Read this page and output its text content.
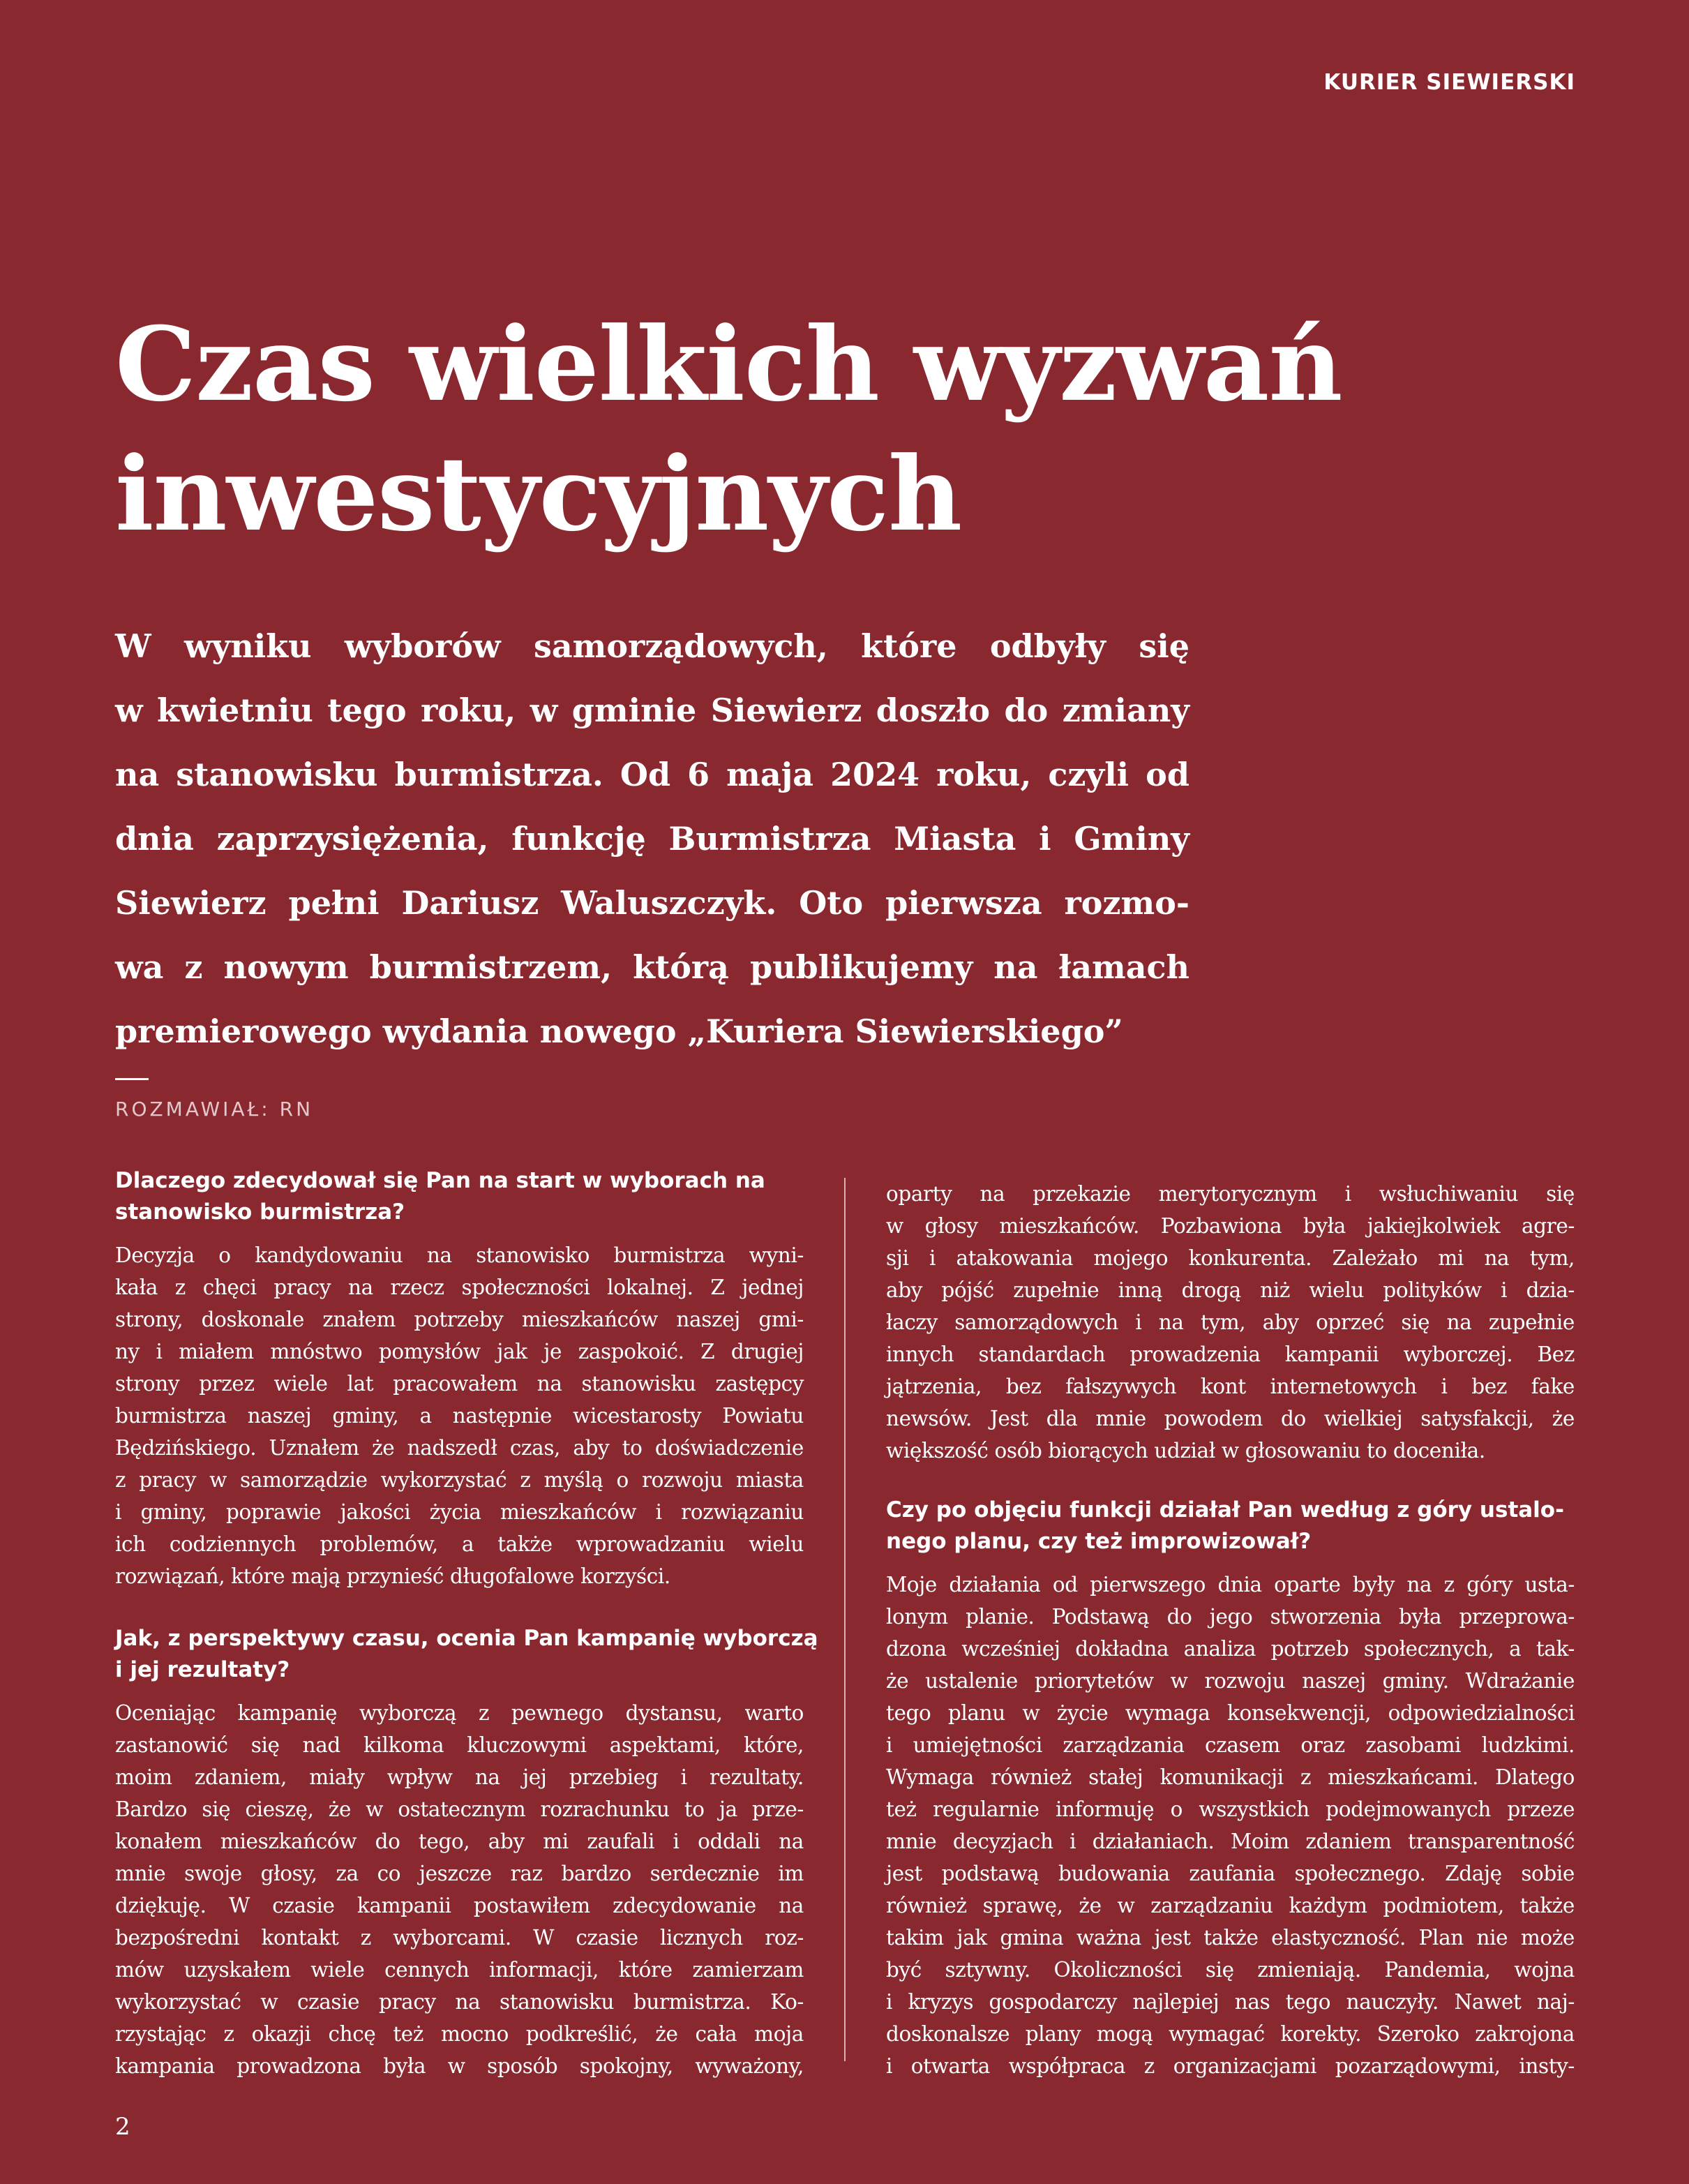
KURIER SIEWIERSKI
Czas wielkich wyzwań
inwestycyjnych

W wyniku wyborów samorządowych, które odbyły się
w kwietniu tego roku, w gminie Siewierz doszło do zmiany
na stanowisku burmistrza. Od 6 maja 2024 roku, czyli od
dnia zaprzysiężenia, funkcję Burmistrza Miasta i Gminy
Siewierz pełni Dariusz Waluszczyk. Oto pierwsza rozmo-
wa z nowym burmistrzem, którą publikujemy na łamach
premierowego wydania nowego „Kuriera Siewierskiego”

ROZMAWIAŁ: RN

Dlaczego zdecydował się Pan na start w wyborach na
stanowisko burmistrza?

Decyzja o kandydowaniu na stanowisko burmistrza wyni-
kała z chęci pracy na rzecz społeczności lokalnej. Z jednej
strony, doskonale znałem potrzeby mieszkańców naszej gmi-
ny i miałem mnóstwo pomysłów jak je zaspokoić. Z drugiej
strony przez wiele lat pracowałem na stanowisku zastępcy
burmistrza naszej gminy, a następnie wicestarosty Powiatu
Będzińskiego. Uznałem że nadszedł czas, aby to doświadczenie
z pracy w samorządzie wykorzystać z myślą o rozwoju miasta
i gminy, poprawie jakości życia mieszkańców i rozwiązaniu
ich codziennych problemów, a także wprowadzaniu wielu
rozwiązań, które mają przynieść długofalowe korzyści.

Jak, z perspektywy czasu, ocenia Pan kampanię wyborczą
i jej rezultaty?

Oceniając kampanię wyborczą z pewnego dystansu, warto
zastanowić się nad kilkoma kluczowymi aspektami, które,
moim zdaniem, miały wpływ na jej przebieg i rezultaty.
Bardzo się cieszę, że w ostatecznym rozrachunku to ja prze-
konałem mieszkańców do tego, aby mi zaufali i oddali na
mnie swoje głosy, za co jeszcze raz bardzo serdecznie im
dziękuję. W czasie kampanii postawiłem zdecydowanie na
bezpośredni kontakt z wyborcami. W czasie licznych roz-
mów uzyskałem wiele cennych informacji, które zamierzam
wykorzystać w czasie pracy na stanowisku burmistrza. Ko-
rzystając z okazji chcę też mocno podkreślić, że cała moja
kampania prowadzona była w sposób spokojny, wyważony,

oparty na przekazie merytorycznym i wsłuchiwaniu się
w głosy mieszkańców. Pozbawiona była jakiejkolwiek agre-
sji i atakowania mojego konkurenta. Zależało mi na tym,
aby pójść zupełnie inną drogą niż wielu polityków i dzia-
łaczy samorządowych i na tym, aby oprzeć się na zupełnie
innych standardach prowadzenia kampanii wyborczej. Bez
jątrzenia, bez fałszywych kont internetowych i bez fake
newsów. Jest dla mnie powodem do wielkiej satysfakcji, że
większość osób biorących udział w głosowaniu to doceniła.

Czy po objęciu funkcji działał Pan według z góry ustalo-
nego planu, czy też improwizował?

Moje działania od pierwszego dnia oparte były na z góry usta-
lonym planie. Podstawą do jego stworzenia była przeprowa-
dzona wcześniej dokładna analiza potrzeb społecznych, a tak-
że ustalenie priorytetów w rozwoju naszej gminy. Wdrażanie
tego planu w życie wymaga konsekwencji, odpowiedzialności
i umiejętności zarządzania czasem oraz zasobami ludzkimi.
Wymaga również stałej komunikacji z mieszkańcami. Dlatego
też regularnie informuję o wszystkich podejmowanych przeze
mnie decyzjach i działaniach. Moim zdaniem transparentność
jest podstawą budowania zaufania społecznego. Zdaję sobie
również sprawę, że w zarządzaniu każdym podmiotem, także
takim jak gmina ważna jest także elastyczność. Plan nie może
być sztywny. Okoliczności się zmieniają. Pandemia, wojna
i kryzys gospodarczy najlepiej nas tego nauczyły. Nawet naj-
doskonalsze plany mogą wymagać korekty. Szeroko zakrojona
i otwarta współpraca z organizacjami pozarządowymi, insty-

2
